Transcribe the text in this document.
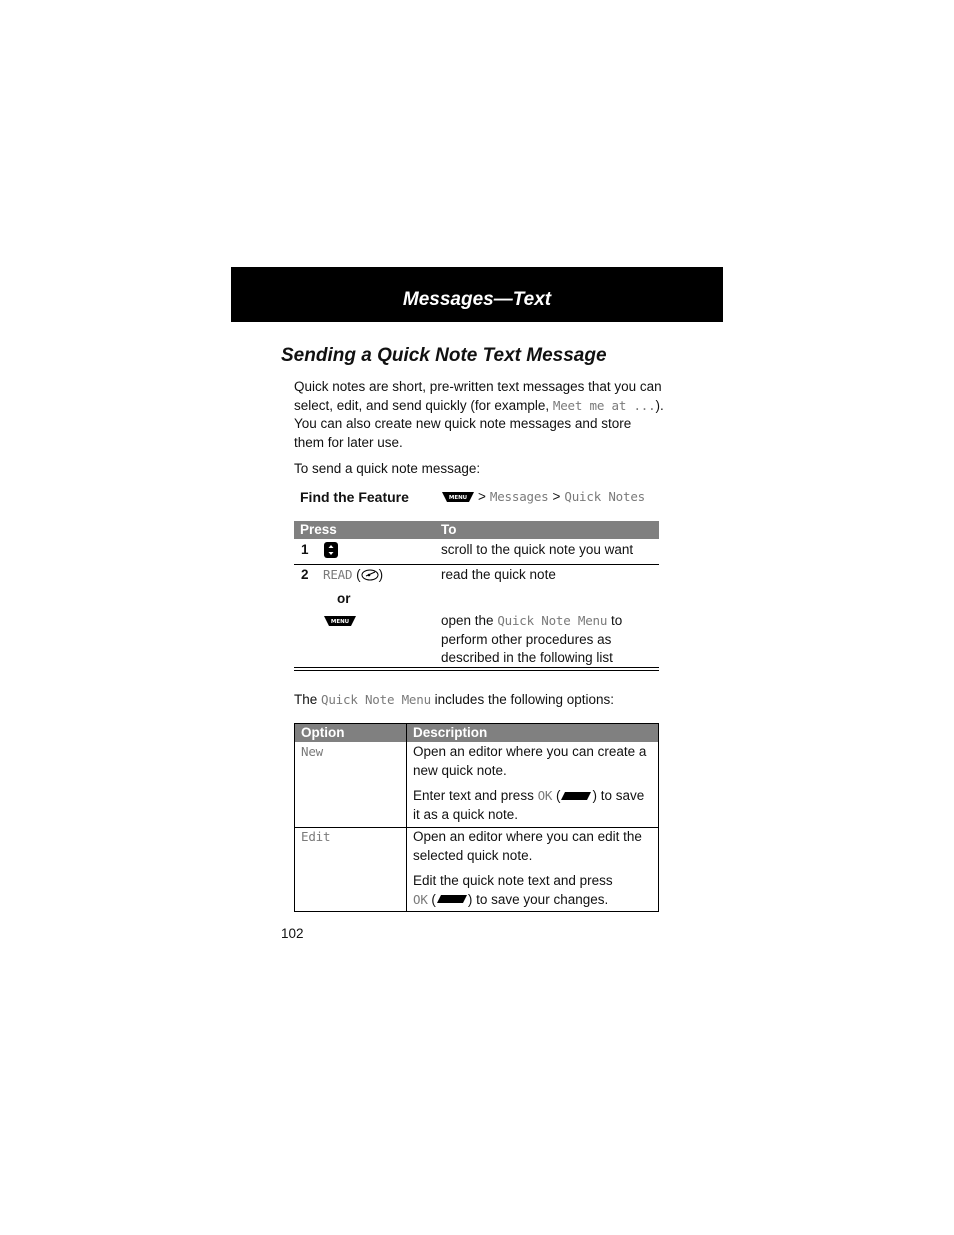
Messages—Text
Sending a Quick Note Text Message

Quick notes are short, pre-written text messages that you can select, edit, and send quickly (for example, Meet me at ...). You can also create new quick note messages and store them for later use.

To send a quick note message:

Find the Feature	MENU > Messages > Quick Notes
Press	To
1	scroll to the quick note you want
2 READ ( )	read the quick note
or
MENU	open the Quick Note Menu to
perform other procedures as
described in the following list

The Quick Note Menu includes the following options:

Option	Description
New	Open an editor where you can create a new quick note.
Enter text and press OK ( ) to save it as a quick note.
Edit	Open an editor where you can edit the selected quick note.
Edit the quick note text and press
OK ( ) to save your changes.
102
